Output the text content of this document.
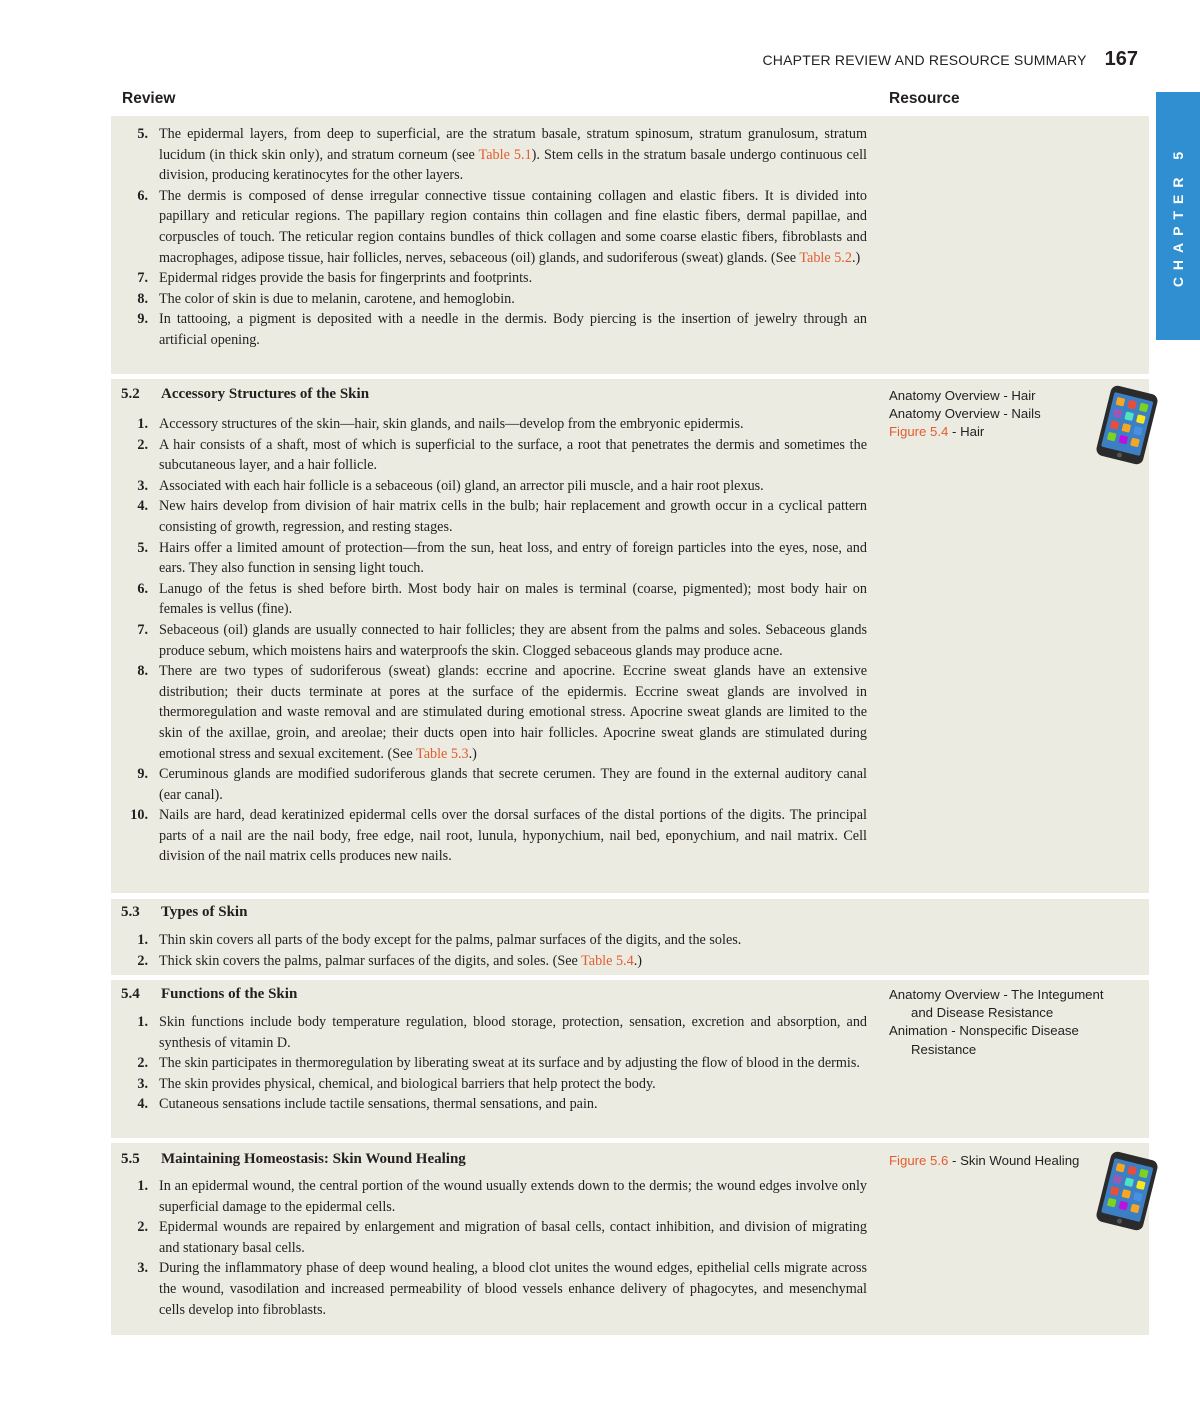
CHAPTER REVIEW AND RESOURCE SUMMARY 167
Review	Resource
CHAPTER 5
5. The epidermal layers, from deep to superficial, are the stratum basale, stratum spinosum, stratum granulosum, stratum lucidum (in thick skin only), and stratum corneum (see Table 5.1). Stem cells in the stratum basale undergo continuous cell division, producing keratinocytes for the other layers.
6. The dermis is composed of dense irregular connective tissue containing collagen and elastic fibers. It is divided into papillary and reticular regions. The papillary region contains thin collagen and fine elastic fibers, dermal papillae, and corpuscles of touch. The reticular region contains bundles of thick collagen and some coarse elastic fibers, fibroblasts and macrophages, adipose tissue, hair follicles, nerves, sebaceous (oil) glands, and sudoriferous (sweat) glands. (See Table 5.2.)
7. Epidermal ridges provide the basis for fingerprints and footprints.
8. The color of skin is due to melanin, carotene, and hemoglobin.
9. In tattooing, a pigment is deposited with a needle in the dermis. Body piercing is the insertion of jewelry through an artificial opening.
5.2	Accessory Structures of the Skin
1. Accessory structures of the skin—hair, skin glands, and nails—develop from the embryonic epidermis.
2. A hair consists of a shaft, most of which is superficial to the surface, a root that penetrates the dermis and sometimes the subcutaneous layer, and a hair follicle.
3. Associated with each hair follicle is a sebaceous (oil) gland, an arrector pili muscle, and a hair root plexus.
4. New hairs develop from division of hair matrix cells in the bulb; hair replacement and growth occur in a cyclical pattern consisting of growth, regression, and resting stages.
5. Hairs offer a limited amount of protection—from the sun, heat loss, and entry of foreign particles into the eyes, nose, and ears. They also function in sensing light touch.
6. Lanugo of the fetus is shed before birth. Most body hair on males is terminal (coarse, pigmented); most body hair on females is vellus (fine).
7. Sebaceous (oil) glands are usually connected to hair follicles; they are absent from the palms and soles. Sebaceous glands produce sebum, which moistens hairs and waterproofs the skin. Clogged sebaceous glands may produce acne.
8. There are two types of sudoriferous (sweat) glands: eccrine and apocrine. Eccrine sweat glands have an extensive distribution; their ducts terminate at pores at the surface of the epidermis. Eccrine sweat glands are involved in thermoregulation and waste removal and are stimulated during emotional stress. Apocrine sweat glands are limited to the skin of the axillae, groin, and areolae; their ducts open into hair follicles. Apocrine sweat glands are stimulated during emotional stress and sexual excitement. (See Table 5.3.)
9. Ceruminous glands are modified sudoriferous glands that secrete cerumen. They are found in the external auditory canal (ear canal).
10. Nails are hard, dead keratinized epidermal cells over the dorsal surfaces of the distal portions of the digits. The principal parts of a nail are the nail body, free edge, nail root, lunula, hyponychium, nail bed, eponychium, and nail matrix. Cell division of the nail matrix cells produces new nails.
Anatomy Overview - Hair
Anatomy Overview - Nails
Figure 5.4 - Hair
5.3	Types of Skin
1. Thin skin covers all parts of the body except for the palms, palmar surfaces of the digits, and the soles.
2. Thick skin covers the palms, palmar surfaces of the digits, and soles. (See Table 5.4.)
5.4	Functions of the Skin
1. Skin functions include body temperature regulation, blood storage, protection, sensation, excretion and absorption, and synthesis of vitamin D.
2. The skin participates in thermoregulation by liberating sweat at its surface and by adjusting the flow of blood in the dermis.
3. The skin provides physical, chemical, and biological barriers that help protect the body.
4. Cutaneous sensations include tactile sensations, thermal sensations, and pain.
Anatomy Overview - The Integument
and Disease Resistance
Animation - Nonspecific Disease
Resistance
5.5	Maintaining Homeostasis: Skin Wound Healing
1. In an epidermal wound, the central portion of the wound usually extends down to the dermis; the wound edges involve only superficial damage to the epidermal cells.
2. Epidermal wounds are repaired by enlargement and migration of basal cells, contact inhibition, and division of migrating and stationary basal cells.
3. During the inflammatory phase of deep wound healing, a blood clot unites the wound edges, epithelial cells migrate across the wound, vasodilation and increased permeability of blood vessels enhance delivery of phagocytes, and mesenchymal cells develop into fibroblasts.
Figure 5.6 - Skin Wound Healing
